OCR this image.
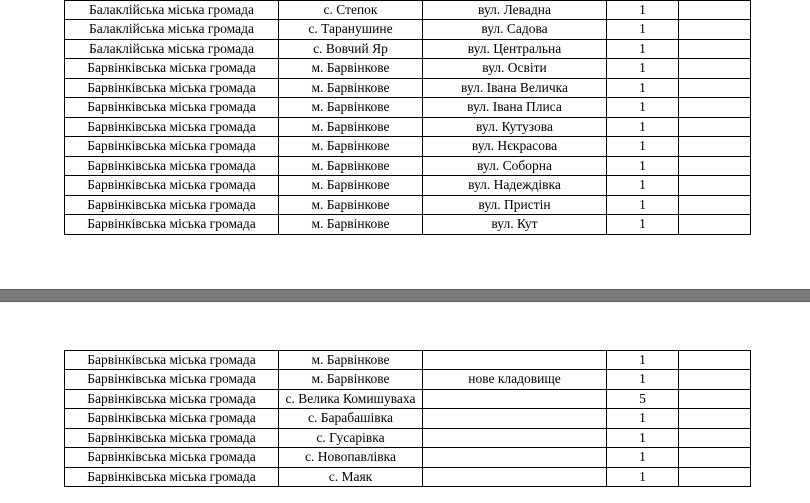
Балаклійська міська громада	с. Степок	вул. Левадна	1	
Балаклійська міська громада	с. Таранушине	вул. Садова	1	
Балаклійська міська громада	с. Вовчий Яр	вул. Центральна	1	
Барвінківська міська громада	м. Барвінкове	вул. Освіти	1	
Барвінківська міська громада	м. Барвінкове	вул. Івана Величка	1	
Барвінківська міська громада	м. Барвінкове	вул. Івана Плиса	1	
Барвінківська міська громада	м. Барвінкове	вул. Кутузова	1	
Барвінківська міська громада	м. Барвінкове	вул. Нєкрасова	1	
Барвінківська міська громада	м. Барвінкове	вул. Соборна	1	
Барвінківська міська громада	м. Барвінкове	вул. Надеждівка	1	
Барвінківська міська громада	м. Барвінкове	вул. Пристін	1	
Барвінківська міська громада	м. Барвінкове	вул. Кут	1	
Барвінківська міська громада	м. Барвінкове		1	
Барвінківська міська громада	м. Барвінкове	нове кладовище	1	
Барвінківська міська громада	с. Велика Комишуваха		5	
Барвінківська міська громада	с. Барабашівка		1	
Барвінківська міська громада	с. Гусарівка		1	
Барвінківська міська громада	с. Новопавлівка		1	
Барвінківська міська громада	с. Маяк		1	
